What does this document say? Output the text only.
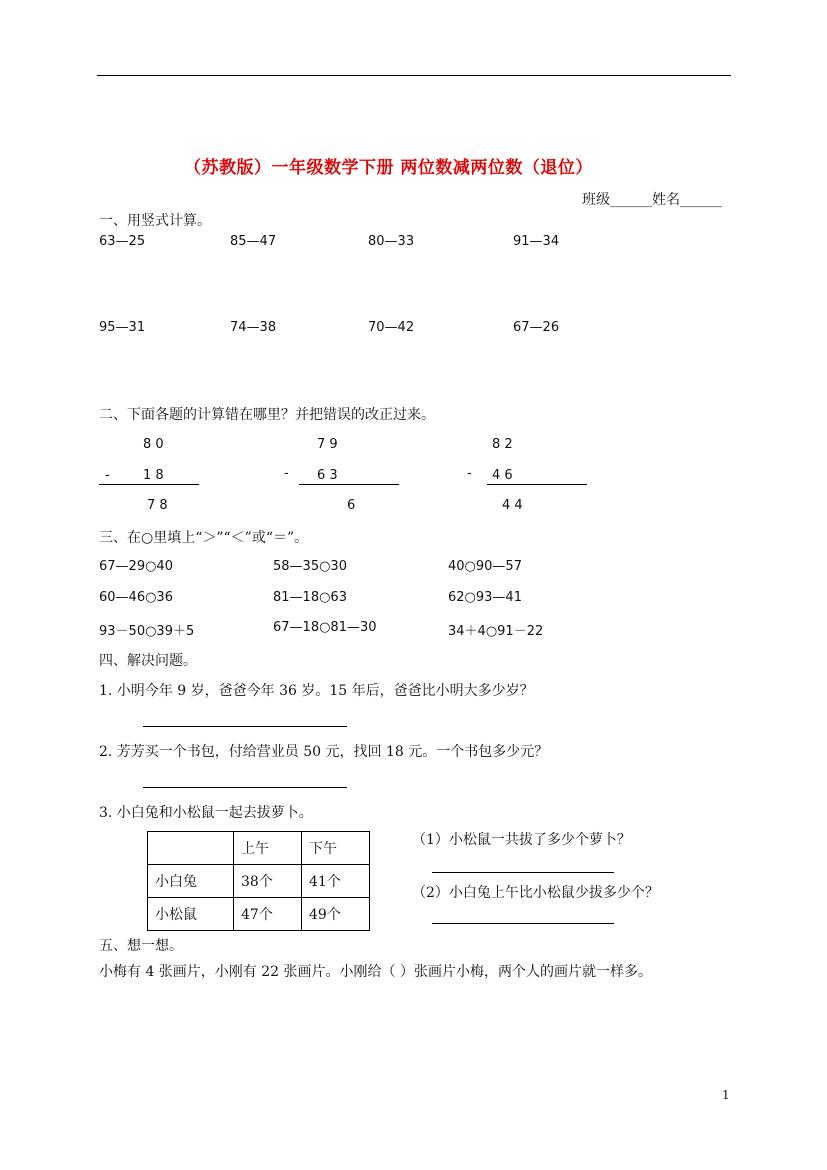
（苏教版）一年级数学下册 两位数减两位数（退位）
班级______姓名______
一、用竖式计算。
63—25	85—47	80—33	91—34
95—31	74—38	70—42	67—26
二、下面各题的计算错在哪里？并把错误的改正过来。
8 0
-	1 8
7 8
7 9
- 6 3
6
8 2
- 4 6
4 4
三、在○里填上“＞”“＜”或“＝”。
67—29○40	58—35○30	40○90—57
60—46○36	81—18○63	62○93—41
93－50○39＋5	67—18○81—30	34＋4○91－22
四、解决问题。
1. 小明今年 9 岁，爸爸今年 36 岁。15 年后，爸爸比小明大多少岁？
2. 芳芳买一个书包，付给营业员 50 元，找回 18 元。一个书包多少元？
3. 小白兔和小松鼠一起去拔萝卜。
	上午	下午
小白兔	38个	41个
小松鼠	47个	49个
（1）小松鼠一共拔了多少个萝卜？
（2）小白兔上午比小松鼠少拔多少个？
五、想一想。
小梅有 4 张画片，小刚有 22 张画片。小刚给（ ）张画片小梅，两个人的画片就一样多。
1
